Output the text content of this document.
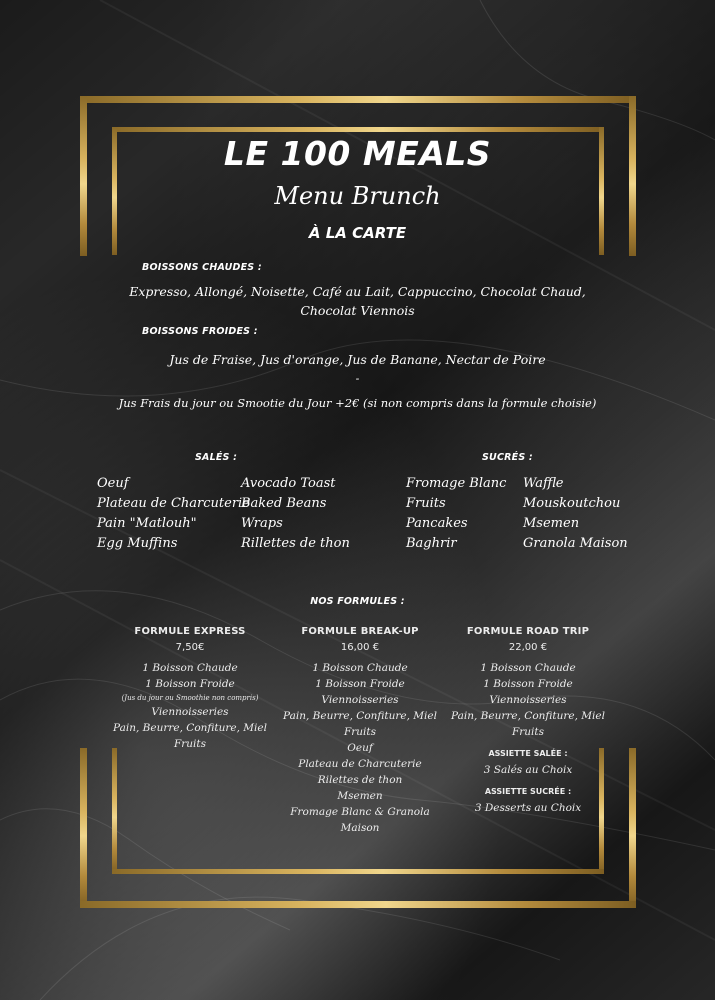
LE 100 MEALS
Menu Brunch
À LA CARTE
BOISSONS CHAUDES :
Expresso, Allongé, Noisette, Café au Lait, Cappuccino, Chocolat Chaud,
Chocolat Viennois
BOISSONS FROIDES :
Jus de Fraise, Jus d'orange, Jus de Banane, Nectar de Poire
-
Jus Frais du jour ou Smootie du Jour +2€ (si non compris dans la formule choisie)
SALÉS :
Oeuf
Plateau de Charcuterie
Pain "Matlouh"
Egg Muffins
Avocado Toast
Baked Beans
Wraps
Rillettes de thon
SUCRÉS :
Fromage Blanc
Fruits
Pancakes
Baghrir
Waffle
Mouskoutchou
Msemen
Granola Maison
NOS FORMULES :
FORMULE EXPRESS
7,50€
1 Boisson Chaude
1 Boisson Froide
(Jus du jour ou Smoothie non compris)
Viennoisseries
Pain, Beurre, Confiture, Miel
Fruits
FORMULE BREAK-UP
16,00 €
1 Boisson Chaude
1 Boisson Froide
Viennoisseries
Pain, Beurre, Confiture, Miel
Fruits
Oeuf
Plateau de Charcuterie
Rilettes de thon
Msemen
Fromage Blanc & Granola
Maison
FORMULE ROAD TRIP
22,00 €
1 Boisson Chaude
1 Boisson Froide
Viennoisseries
Pain, Beurre, Confiture, Miel
Fruits
ASSIETTE SALÉE :
3 Salés au Choix
ASSIETTE SUCRÉE :
3 Desserts au Choix
